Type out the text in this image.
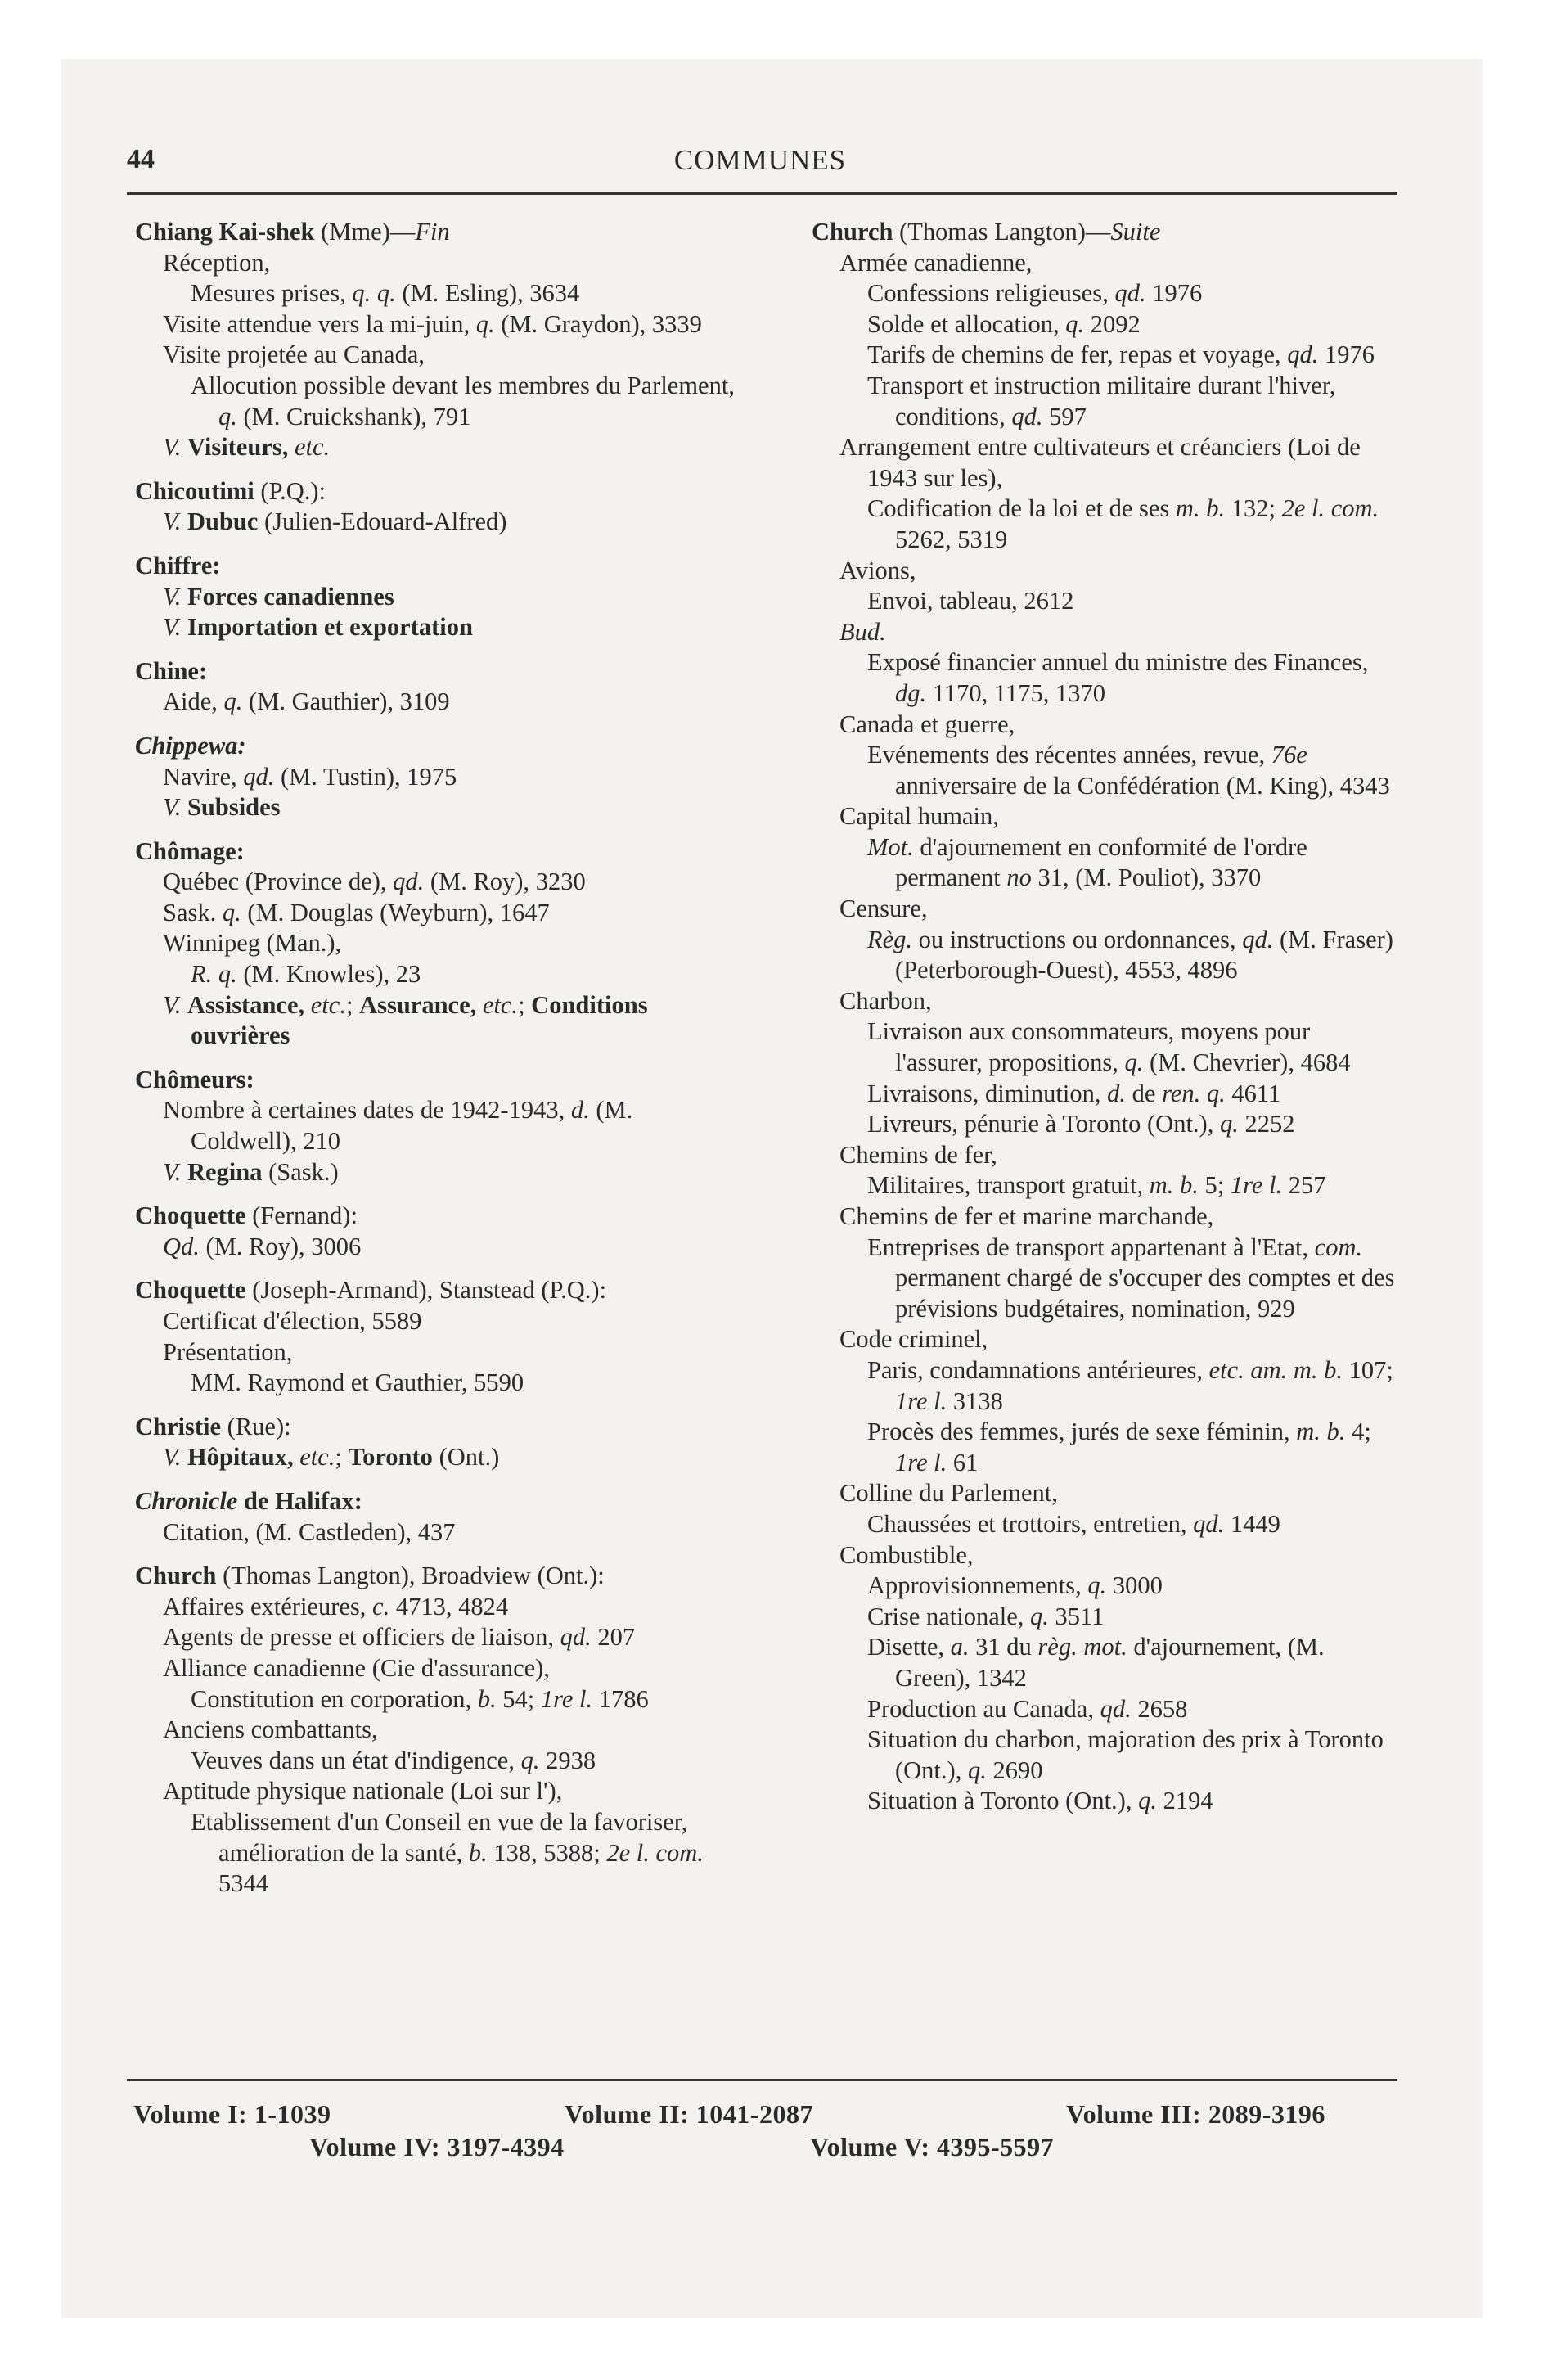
44	COMMUNES
Chiang Kai-shek (Mme)—Fin
Réception,
Mesures prises, q. q. (M. Esling), 3634
Visite attendue vers la mi-juin, q. (M. Graydon), 3339
Visite projetée au Canada,
Allocution possible devant les membres du Parlement, q. (M. Cruickshank), 791
V. Visiteurs, etc.
Chicoutimi (P.Q.):
V. Dubuc (Julien-Edouard-Alfred)
Chiffre:
V. Forces canadiennes
V. Importation et exportation
Chine:
Aide, q. (M. Gauthier), 3109
Chippewa:
Navire, qd. (M. Tustin), 1975
V. Subsides
Chômage:
Québec (Province de), qd. (M. Roy), 3230
Sask. q. (M. Douglas (Weyburn), 1647
Winnipeg (Man.),
R. q. (M. Knowles), 23
V. Assistance, etc.; Assurance, etc.; Conditions ouvrières
Chômeurs:
Nombre à certaines dates de 1942-1943, d. (M. Coldwell), 210
V. Regina (Sask.)
Choquette (Fernand):
Qd. (M. Roy), 3006
Choquette (Joseph-Armand), Stanstead (P.Q.):
Certificat d'élection, 5589
Présentation,
MM. Raymond et Gauthier, 5590
Christie (Rue):
V. Hôpitaux, etc.; Toronto (Ont.)
Chronicle de Halifax:
Citation, (M. Castleden), 437
Church (Thomas Langton), Broadview (Ont.):
Affaires extérieures, c. 4713, 4824
Agents de presse et officiers de liaison, qd. 207
Alliance canadienne (Cie d'assurance),
Constitution en corporation, b. 54; 1re l. 1786
Anciens combattants,
Veuves dans un état d'indigence, q. 2938
Aptitude physique nationale (Loi sur l'),
Etablissement d'un Conseil en vue de la favoriser, amélioration de la santé, b. 138, 5388; 2e l. com. 5344
Church (Thomas Langton)—Suite
Armée canadienne,
Confessions religieuses, qd. 1976
Solde et allocation, q. 2092
Tarifs de chemins de fer, repas et voyage, qd. 1976
Transport et instruction militaire durant l'hiver, conditions, qd. 597
Arrangement entre cultivateurs et créanciers (Loi de 1943 sur les),
Codification de la loi et de ses m. b. 132; 2e l. com. 5262, 5319
Avions,
Envoi, tableau, 2612
Bud.
Exposé financier annuel du ministre des Finances, dg. 1170, 1175, 1370
Canada et guerre,
Evénements des récentes années, revue, 76e anniversaire de la Confédération (M. King), 4343
Capital humain,
Mot. d'ajournement en conformité de l'ordre permanent no 31, (M. Pouliot), 3370
Censure,
Règ. ou instructions ou ordonnances, qd. (M. Fraser) (Peterborough-Ouest), 4553, 4896
Charbon,
Livraison aux consommateurs, moyens pour l'assurer, propositions, q. (M. Chevrier), 4684
Livraisons, diminution, d. de ren. q. 4611
Livreurs, pénurie à Toronto (Ont.), q. 2252
Chemins de fer,
Militaires, transport gratuit, m. b. 5; 1re l. 257
Chemins de fer et marine marchande,
Entreprises de transport appartenant à l'Etat, com. permanent chargé de s'occuper des comptes et des prévisions budgétaires, nomination, 929
Code criminel,
Paris, condamnations antérieures, etc. am. m. b. 107; 1re l. 3138
Procès des femmes, jurés de sexe féminin, m. b. 4; 1re l. 61
Colline du Parlement,
Chaussées et trottoirs, entretien, qd. 1449
Combustible,
Approvisionnements, q. 3000
Crise nationale, q. 3511
Disette, a. 31 du règ. mot. d'ajournement, (M. Green), 1342
Production au Canada, qd. 2658
Situation du charbon, majoration des prix à Toronto (Ont.), q. 2690
Situation à Toronto (Ont.), q. 2194
Volume I: 1-1039	Volume II: 1041-2087	Volume III: 2089-3196
Volume IV: 3197-4394	Volume V: 4395-5597
